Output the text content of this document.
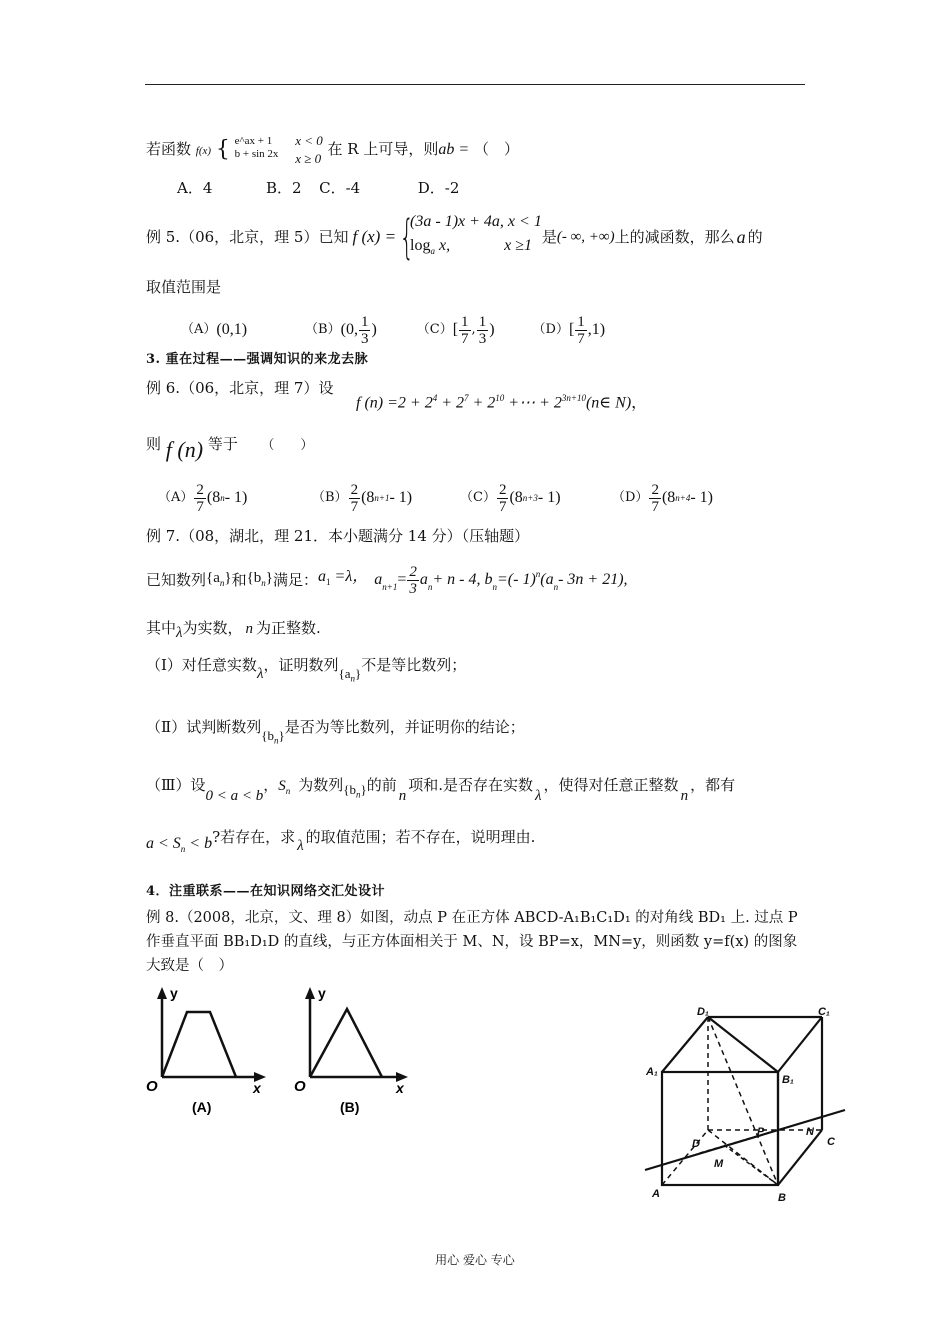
若函数 f(x) { e^ax + 1
b + sin 2x

x < 0
x ≥ 0
在 R 上可导，则ab = （　）
A．4	B．2 C．-4	D．-2
例 5.（06，北京，理 5）已知 f (x) = {
(3a - 1)x + 4a, x < 1
$\log_a x$,	x ≥1 是 (- ∞, +∞) 上的减函数，那么 a 的
取值范围是
（A） (0,1)	（B） (0, $\frac{1}{3}$ )	（C） [ $\frac{1}{7}$ , $\frac{1}{3}$ )	（D） [ $\frac{1}{7} ,1$)
3. 重在过程——强调知识的来龙去脉
例 6.（06，北京，理 7）设
f $(n) =2 + 2^4 + 2^7 + 2^{10}$ +⋯ + $2^{3n+10}(n\in$ N)，
则 f (n) 等于 （　　）
$(A) \frac{2}{7} (8$ n - 1)	$(B) \frac{2}{7} (8$ n+1 - 1)	$(C) \frac{2}{7} (8$ n+3 - 1)	$(D) \frac{2}{7} (8$ n+4 - 1)
例 7.（08，湖北，理 21．本小题满分 14 分）（压轴题）
已知数列 $\{a_n\}$ 和 $\{b_n\}$ 满足： $a_1 =\lambda$， $a_{n+1} = \frac{2}{3} a_n + n - 4$, $b_n$ =(- 1)$^n$ $(a_n - 3n + 21)$,
其中λ为实数， n 为正整数.
（Ⅰ）对任意实数λ，证明数列$\{a_n\}$不是等比数列；
（Ⅱ）试判断数列$\{b_n\}$是否为等比数列，并证明你的结论；
（Ⅲ）设0 < a < b，$S_n$ 为数列$\{b_n\}$的前n项和.是否存在实数λ，使得对任意正整数n，都有
$a < S_n < b$?若存在，求 λ 的取值范围；若不存在，说明理由.
4．注重联系——在知识网络交汇处设计
例 8.（2008，北京，文、理 8）如图，动点 P 在正方体 ABCD-A₁B₁C₁D₁ 的对角线 BD₁ 上. 过点 P
作垂直平面 BB₁D₁D 的直线，与正方体面相关于 M、N，设 BP=x，MN=y，则函数 y=f(x) 的图象
大致是（　）
y
x
O
(A)
y
x
O
(B)
D₁	C₁
A₁
B₁
D	C
A	B
P
M
N
用心 爱心 专心
